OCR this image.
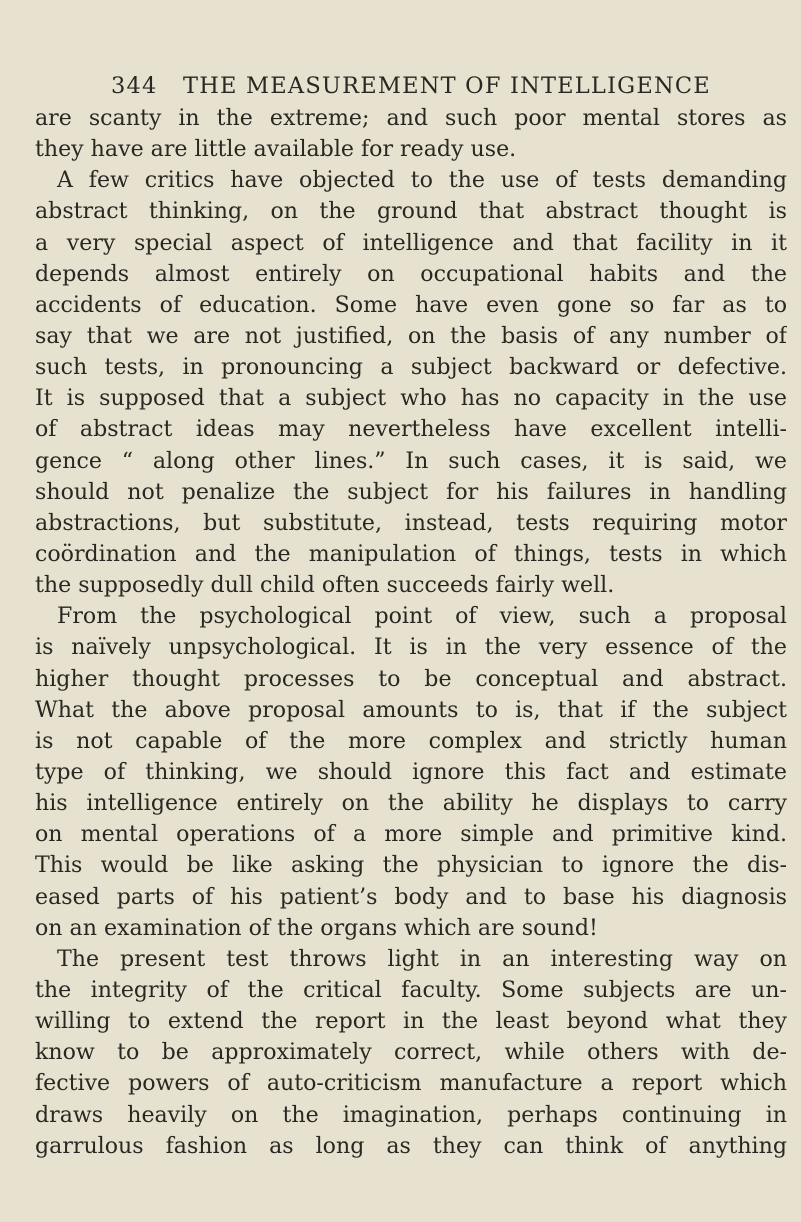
344 THE MEASUREMENT OF INTELLIGENCE
are scanty in the extreme; and such poor mental stores as
they have are little available for ready use.
A few critics have objected to the use of tests demanding
abstract thinking, on the ground that abstract thought is
a very special aspect of intelligence and that facility in it
depends almost entirely on occupational habits and the
accidents of education. Some have even gone so far as to
say that we are not justified, on the basis of any number of
such tests, in pronouncing a subject backward or defective.
It is supposed that a subject who has no capacity in the use
of abstract ideas may nevertheless have excellent intelli-
gence “ along other lines.” In such cases, it is said, we
should not penalize the subject for his failures in handling
abstractions, but substitute, instead, tests requiring motor
coördination and the manipulation of things, tests in which
the supposedly dull child often succeeds fairly well.
From the psychological point of view, such a proposal
is naïvely unpsychological. It is in the very essence of the
higher thought processes to be conceptual and abstract.
What the above proposal amounts to is, that if the subject
is not capable of the more complex and strictly human
type of thinking, we should ignore this fact and estimate
his intelligence entirely on the ability he displays to carry
on mental operations of a more simple and primitive kind.
This would be like asking the physician to ignore the dis-
eased parts of his patient’s body and to base his diagnosis
on an examination of the organs which are sound!
The present test throws light in an interesting way on
the integrity of the critical faculty. Some subjects are un-
willing to extend the report in the least beyond what they
know to be approximately correct, while others with de-
fective powers of auto-criticism manufacture a report which
draws heavily on the imagination, perhaps continuing in
garrulous fashion as long as they can think of anything
